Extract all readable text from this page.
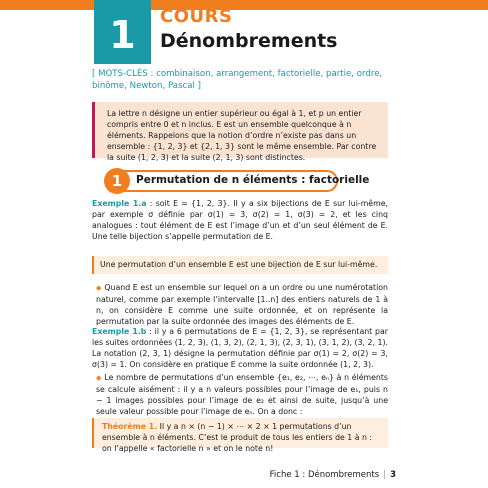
1	COURS
Dénombrements
[ MOTS-CLÉS : combinaison, arrangement, factorielle, partie, ordre, binôme, Newton, Pascal ]
La lettre n désigne un entier supérieur ou égal à 1, et p un entier compris entre 0 et n inclus. E est un ensemble quelconque à n éléments. Rappelons que la notion d’ordre n’existe pas dans un ensemble : {1, 2, 3} et {2, 1, 3} sont le même ensemble. Par contre la suite (1, 2, 3) et la suite (2, 1, 3) sont distinctes.
1	Permutation de n éléments : factorielle
Exemple 1.a : soit E = {1, 2, 3}. Il y a six bijections de E sur lui-même, par exemple σ définie par σ(1) = 3, σ(2) = 1, σ(3) = 2, et les cinq analogues : tout élément de E est l’image d’un et d’un seul élément de E. Une telle bijection s’appelle permutation de E.
Une permutation d’un ensemble E est une bijection de E sur lui-même.
◆ Quand E est un ensemble sur lequel on a un ordre ou une numérotation naturel, comme par exemple l’intervalle [1..n] des entiers naturels de 1 à n, on considère E comme une suite ordonnée, et on représente la permutation par la suite ordonnée des images des éléments de E.
Exemple 1.b : il y a 6 permutations de E = {1, 2, 3}, se représentant par les suites ordonnées (1, 2, 3), (1, 3, 2), (2, 1, 3), (2, 3, 1), (3, 1, 2), (3, 2, 1). La notation (2, 3, 1) désigne la permutation définie par σ(1) = 2, σ(2) = 3, σ(3) = 1. On considère en pratique E comme la suite ordonnée (1, 2, 3).
◆ Le nombre de permutations d’un ensemble {e₁, e₂, ⋯, eₙ} à n éléments se calcule aisément : il y a n valeurs possibles pour l’image de e₁, puis n − 1 images possibles pour l’image de e₂ et ainsi de suite, jusqu’à une seule valeur possible pour l’image de eₙ. On a donc :
Théorème 1. Il y a n × (n − 1) × ⋯ × 2 × 1 permutations d’un ensemble à n éléments. C’est le produit de tous les entiers de 1 à n : on l’appelle « factorielle n » et on le note n!
Fiche 1 : Dénombrements | 3
